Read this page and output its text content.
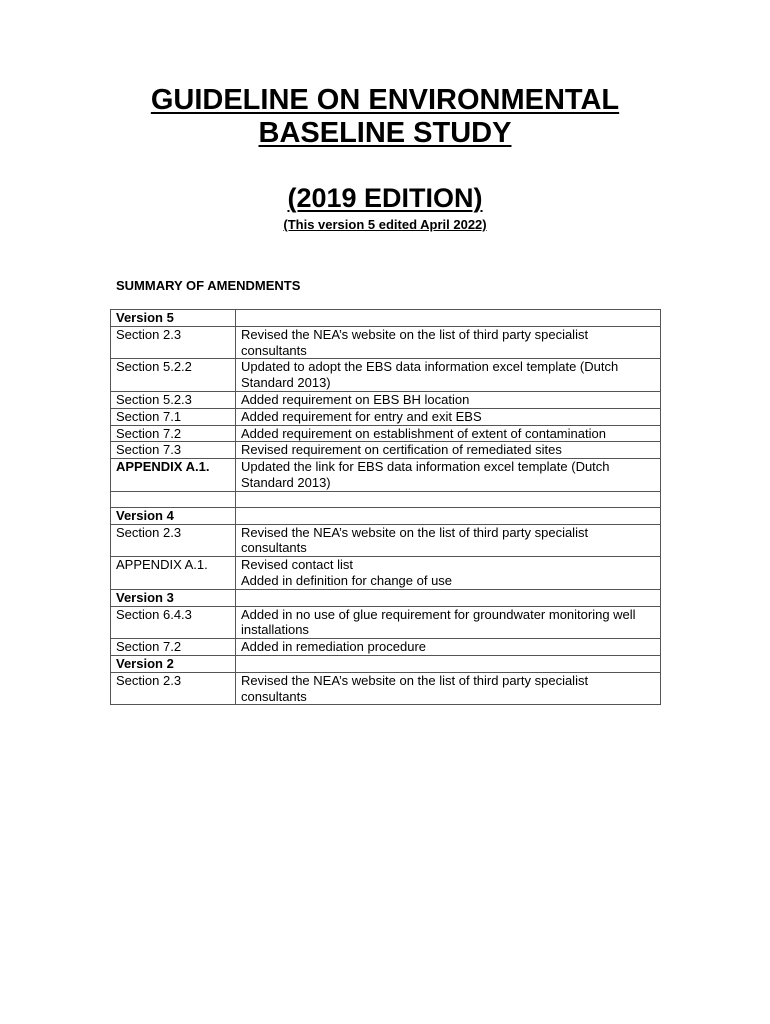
GUIDELINE ON ENVIRONMENTAL
BASELINE STUDY
(2019 EDITION)
(This version 5 edited April 2022)
SUMMARY OF AMENDMENTS
Version 5	
Section 2.3	Revised the NEA’s website on the list of third party specialist consultants
Section 5.2.2	Updated to adopt the EBS data information excel template (Dutch Standard 2013)
Section 5.2.3	Added requirement on EBS BH location
Section 7.1	Added requirement for entry and exit EBS
Section 7.2	Added requirement on establishment of extent of contamination
Section 7.3	Revised requirement on certification of remediated sites
APPENDIX A.1.	Updated the link for EBS data information excel template (Dutch Standard 2013)

Version 4	
Section 2.3	Revised the NEA’s website on the list of third party specialist consultants
APPENDIX A.1.	Revised contact list
Added in definition for change of use
Version 3	
Section 6.4.3	Added in no use of glue requirement for groundwater monitoring well installations
Section 7.2	Added in remediation procedure
Version 2	
Section 2.3	Revised the NEA’s website on the list of third party specialist consultants
